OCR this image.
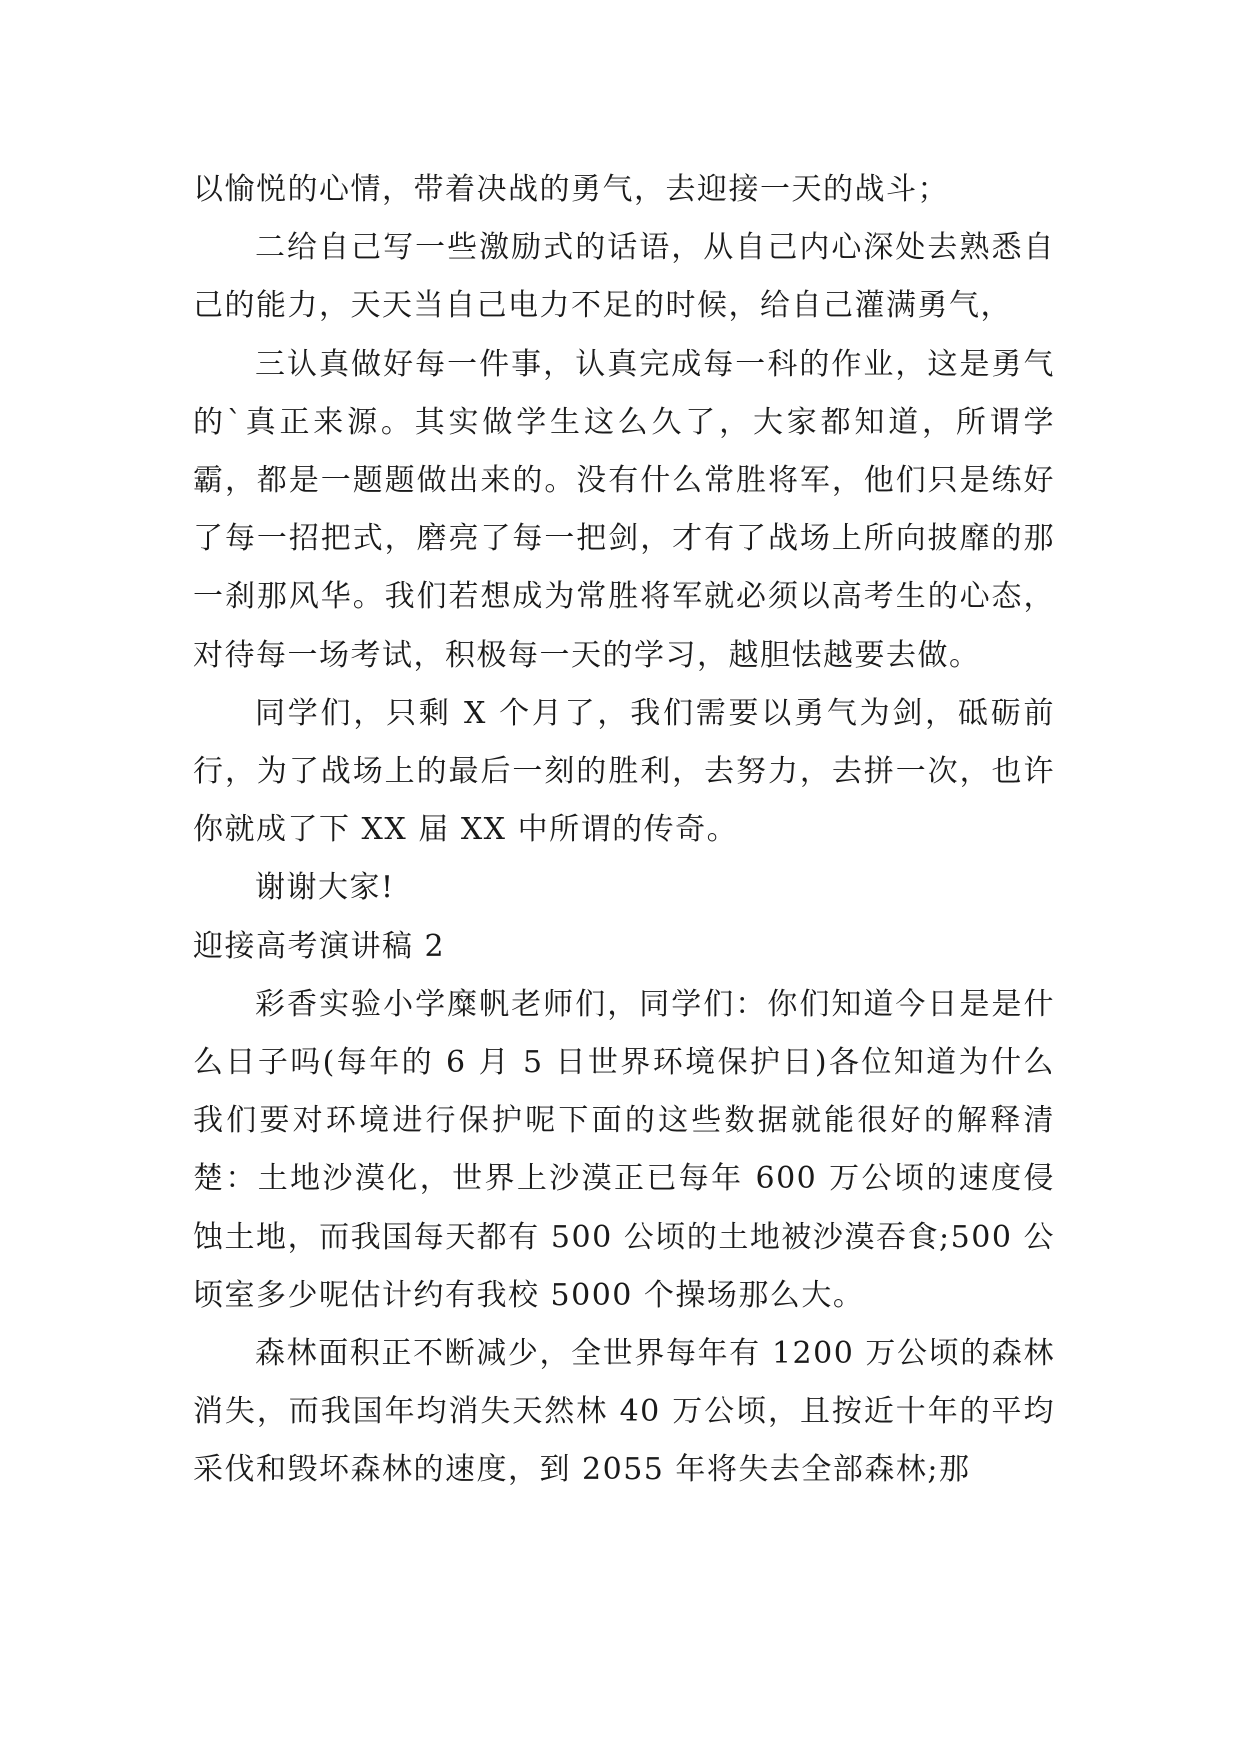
以愉悦的心情，带着决战的勇气，去迎接一天的战斗；

二给自己写一些激励式的话语，从自己内心深处去熟悉自己的能力，天天当自己电力不足的时候，给自己灌满勇气，

三认真做好每一件事，认真完成每一科的作业，这是勇气的`真正来源。其实做学生这么久了，大家都知道，所谓学霸，都是一题题做出来的。没有什么常胜将军，他们只是练好了每一招把式，磨亮了每一把剑，才有了战场上所向披靡的那一刹那风华。我们若想成为常胜将军就必须以高考生的心态，对待每一场考试，积极每一天的学习，越胆怯越要去做。

同学们，只剩 X 个月了，我们需要以勇气为剑，砥砺前行，为了战场上的最后一刻的胜利，去努力，去拼一次，也许你就成了下 XX 届 XX 中所谓的传奇。

谢谢大家!

迎接高考演讲稿 2

彩香实验小学糜帆老师们，同学们：你们知道今日是是什么日子吗(每年的 6 月 5 日世界环境保护日)各位知道为什么我们要对环境进行保护呢下面的这些数据就能很好的解释清楚：土地沙漠化，世界上沙漠正已每年 600 万公顷的速度侵蚀土地，而我国每天都有 500 公顷的土地被沙漠吞食;500 公顷室多少呢估计约有我校 5000 个操场那么大。

森林面积正不断减少，全世界每年有 1200 万公顷的森林消失，而我国年均消失天然林 40 万公顷，且按近十年的平均采伐和毁坏森林的速度，到 2055 年将失去全部森林;那
